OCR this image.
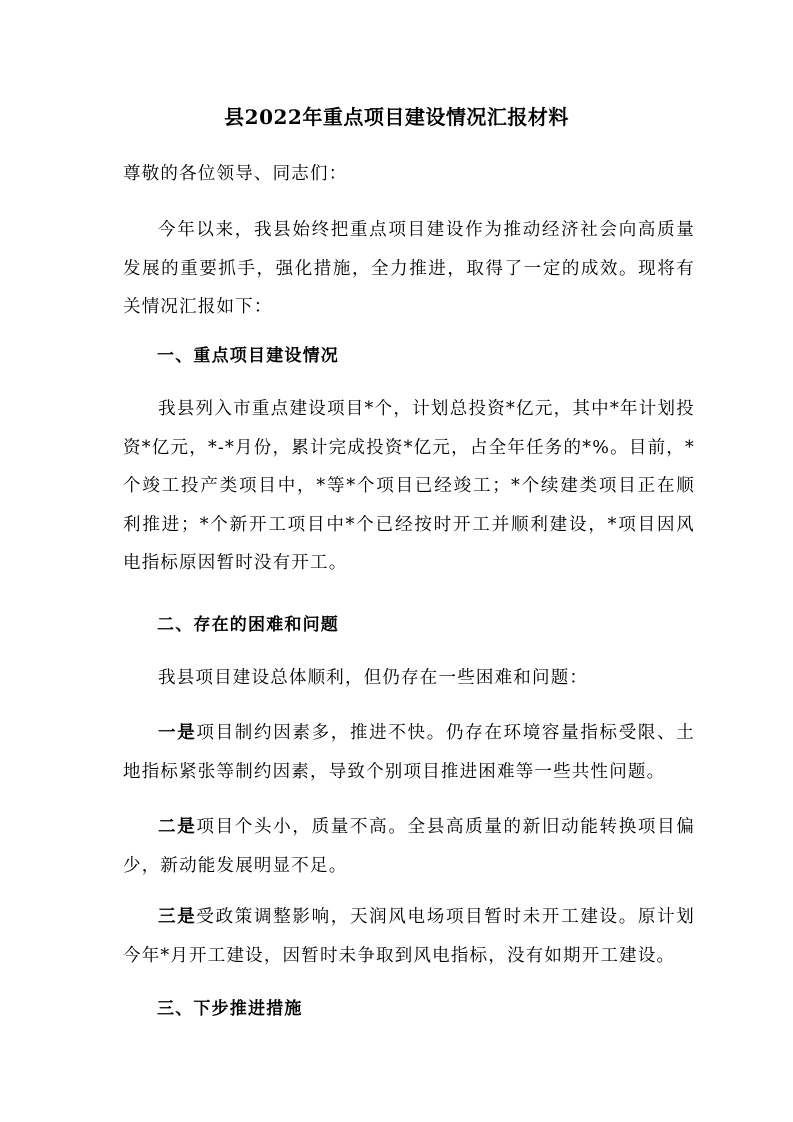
县2022年重点项目建设情况汇报材料
尊敬的各位领导、同志们：
今年以来，我县始终把重点项目建设作为推动经济社会向高质量发展的重要抓手，强化措施，全力推进，取得了一定的成效。现将有关情况汇报如下：
一、重点项目建设情况
我县列入市重点建设项目*个，计划总投资*亿元，其中*年计划投资*亿元，*-*月份，累计完成投资*亿元，占全年任务的*%。目前，*个竣工投产类项目中，*等*个项目已经竣工；*个续建类项目正在顺利推进；*个新开工项目中*个已经按时开工并顺利建设，*项目因风电指标原因暂时没有开工。
二、存在的困难和问题
我县项目建设总体顺利，但仍存在一些困难和问题：
一是项目制约因素多，推进不快。仍存在环境容量指标受限、土地指标紧张等制约因素，导致个别项目推进困难等一些共性问题。
二是项目个头小，质量不高。全县高质量的新旧动能转换项目偏少，新动能发展明显不足。
三是受政策调整影响，天润风电场项目暂时未开工建设。原计划今年*月开工建设，因暂时未争取到风电指标，没有如期开工建设。
三、下步推进措施
